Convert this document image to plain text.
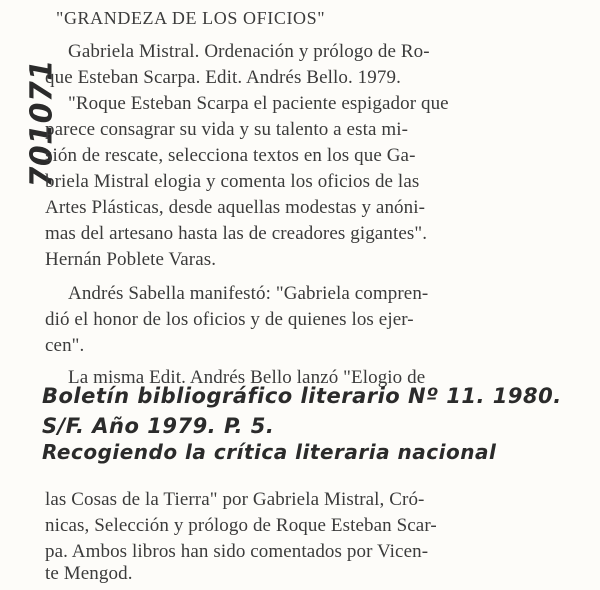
701071
"GRANDEZA DE LOS OFICIOS"
Gabriela Mistral. Ordenación y prólogo de Ro-
que Esteban Scarpa. Edit. Andrés Bello. 1979.
"Roque Esteban Scarpa el paciente espigador que
parece consagrar su vida y su talento a esta mi-
sión de rescate, selecciona textos en los que Ga-
briela Mistral elogia y comenta los oficios de las
Artes Plásticas, desde aquellas modestas y anóni-
mas del artesano hasta las de creadores gigantes".
Hernán Poblete Varas.
Andrés Sabella manifestó: "Gabriela compren-
dió el honor de los oficios y de quienes los ejer-
cen".
La misma Edit. Andrés Bello lanzó "Elogio de
Boletín bibliográfico literario Nº 11. 1980.
S/F. Año 1979. P. 5.
Recogiendo la crítica literaria nacional
las Cosas de la Tierra" por Gabriela Mistral, Cró-
nicas, Selección y prólogo de Roque Esteban Scar-
pa. Ambos libros han sido comentados por Vicen-
te Mengod.
